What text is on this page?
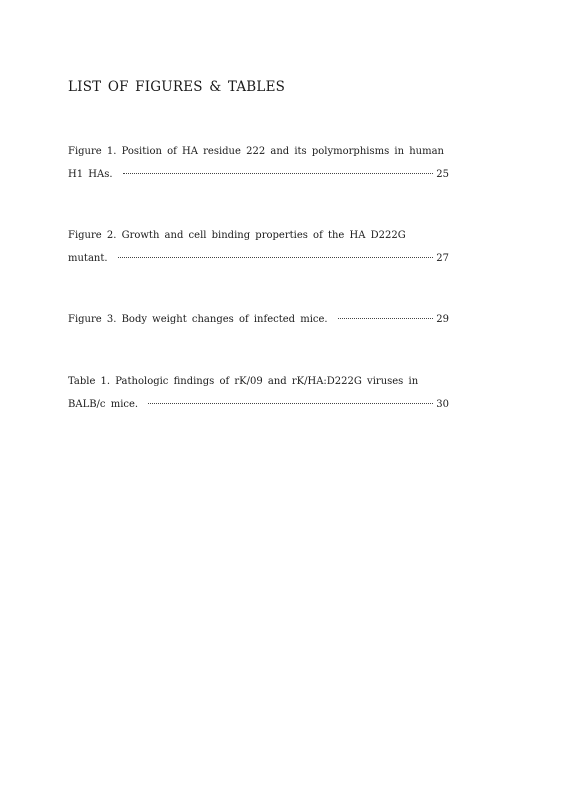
LIST OF FIGURES & TABLES
Figure 1. Position of HA residue 222 and its polymorphisms in human
H1 HAs.	25
Figure 2. Growth and cell binding properties of the HA D222G
mutant.	27
Figure 3. Body weight changes of infected mice.	29
Table 1. Pathologic findings of rK/09 and rK/HA:D222G viruses in
BALB/c mice.	30
